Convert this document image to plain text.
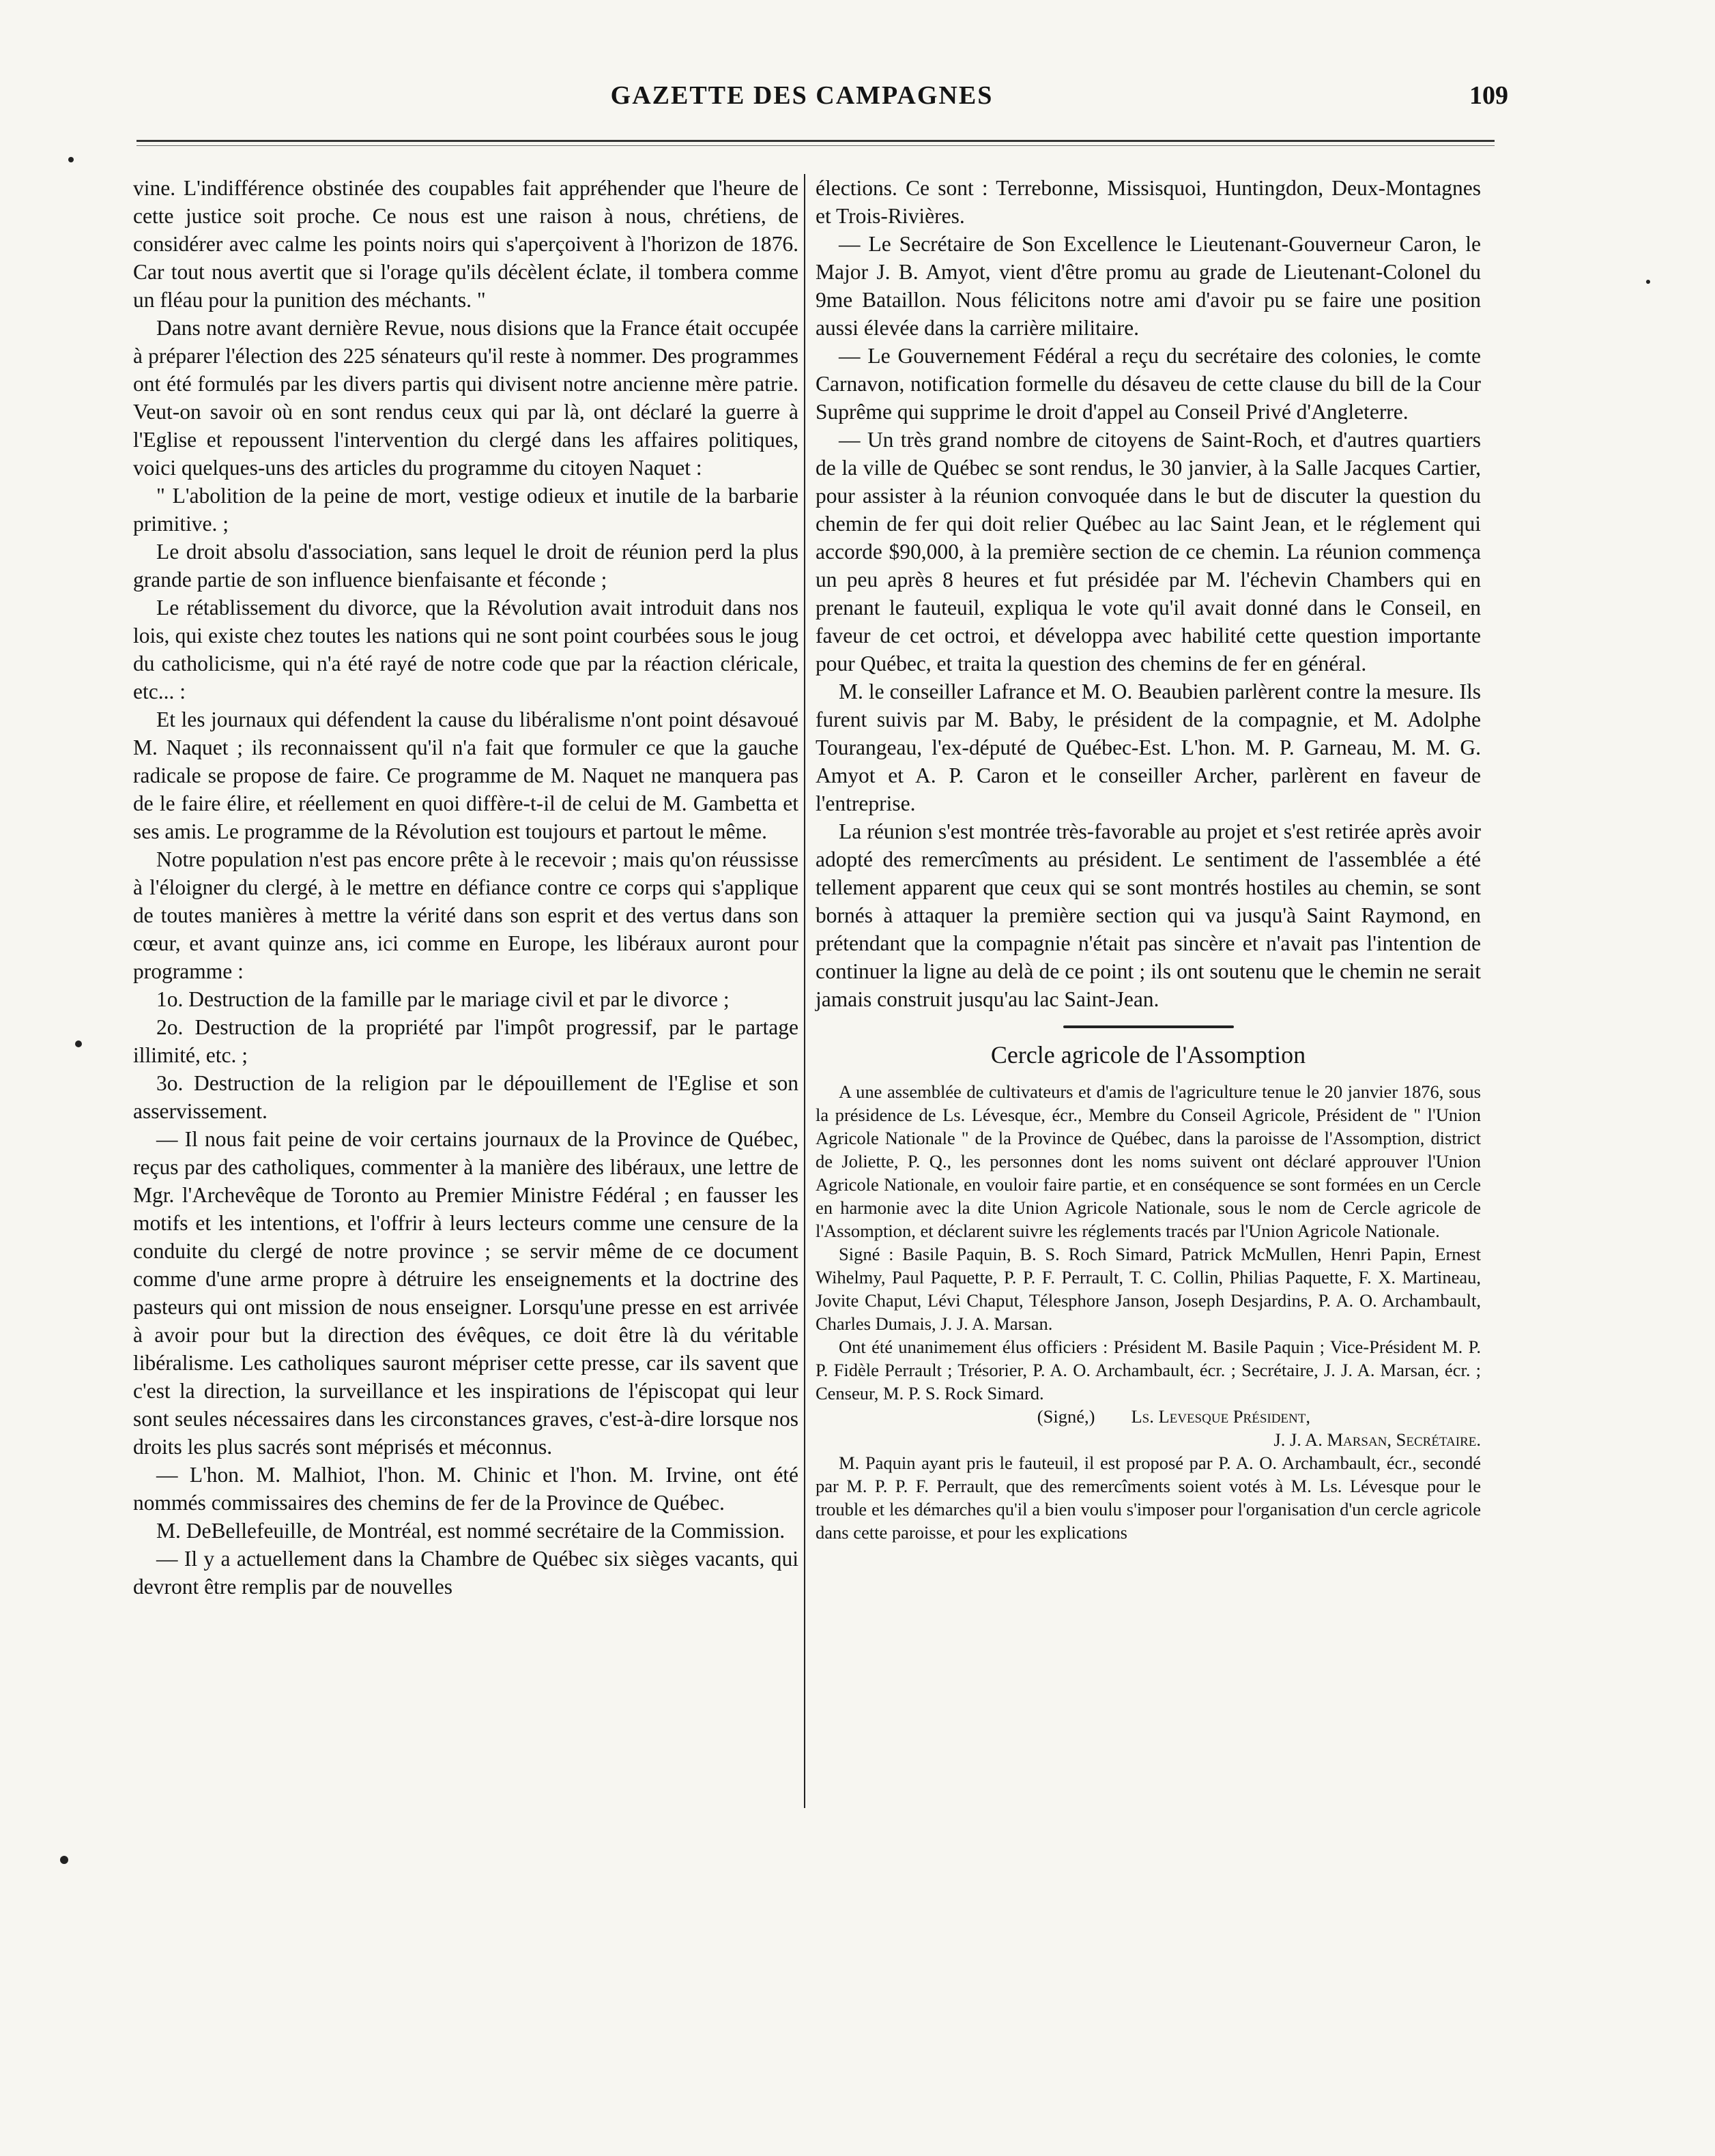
GAZETTE DES CAMPAGNES	109

vine. L'indifférence obstinée des coupables fait appréhender que l'heure de cette justice soit proche. Ce nous est une raison à nous, chrétiens, de considérer avec calme les points noirs qui s'aperçoivent à l'horizon de 1876. Car tout nous avertit que si l'orage qu'ils décèlent éclate, il tombera comme un fléau pour la punition des méchants. "

Dans notre avant dernière Revue, nous disions que la France était occupée à préparer l'élection des 225 sénateurs qu'il reste à nommer. Des programmes ont été formulés par les divers partis qui divisent notre ancienne mère patrie. Veut-on savoir où en sont rendus ceux qui par là, ont déclaré la guerre à l'Eglise et repoussent l'intervention du clergé dans les affaires politiques, voici quelques-uns des articles du programme du citoyen Naquet :

" L'abolition de la peine de mort, vestige odieux et inutile de la barbarie primitive. ;

Le droit absolu d'association, sans lequel le droit de réunion perd la plus grande partie de son influence bienfaisante et féconde ;

Le rétablissement du divorce, que la Révolution avait introduit dans nos lois, qui existe chez toutes les nations qui ne sont point courbées sous le joug du catholicisme, qui n'a été rayé de notre code que par la réaction cléricale, etc... :

Et les journaux qui défendent la cause du libéralisme n'ont point désavoué M. Naquet ; ils reconnaissent qu'il n'a fait que formuler ce que la gauche radicale se propose de faire. Ce programme de M. Naquet ne manquera pas de le faire élire, et réellement en quoi diffère-t-il de celui de M. Gambetta et ses amis. Le programme de la Révolution est toujours et partout le même.

Notre population n'est pas encore prête à le recevoir ; mais qu'on réussisse à l'éloigner du clergé, à le mettre en défiance contre ce corps qui s'applique de toutes manières à mettre la vérité dans son esprit et des vertus dans son cœur, et avant quinze ans, ici comme en Europe, les libéraux auront pour programme :

1o. Destruction de la famille par le mariage civil et par le divorce ;

2o. Destruction de la propriété par l'impôt progressif, par le partage illimité, etc. ;

3o. Destruction de la religion par le dépouillement de l'Eglise et son asservissement.

— Il nous fait peine de voir certains journaux de la Province de Québec, reçus par des catholiques, commenter à la manière des libéraux, une lettre de Mgr. l'Archevêque de Toronto au Premier Ministre Fédéral ; en fausser les motifs et les intentions, et l'offrir à leurs lecteurs comme une censure de la conduite du clergé de notre province ; se servir même de ce document comme d'une arme propre à détruire les enseignements et la doctrine des pasteurs qui ont mission de nous enseigner. Lorsqu'une presse en est arrivée à avoir pour but la direction des évêques, ce doit être là du véritable libéralisme. Les catholiques sauront mépriser cette presse, car ils savent que c'est la direction, la surveillance et les inspirations de l'épiscopat qui leur sont seules nécessaires dans les circonstances graves, c'est-à-dire lorsque nos droits les plus sacrés sont méprisés et méconnus.

— L'hon. M. Malhiot, l'hon. M. Chinic et l'hon. M. Irvine, ont été nommés commissaires des chemins de fer de la Province de Québec.

M. DeBellefeuille, de Montréal, est nommé secrétaire de la Commission.

— Il y a actuellement dans la Chambre de Québec six sièges vacants, qui devront être remplis par de nouvelles

élections. Ce sont : Terrebonne, Missisquoi, Huntingdon, Deux-Montagnes et Trois-Rivières.

— Le Secrétaire de Son Excellence le Lieutenant-Gouverneur Caron, le Major J. B. Amyot, vient d'être promu au grade de Lieutenant-Colonel du 9me Bataillon. Nous félicitons notre ami d'avoir pu se faire une position aussi élevée dans la carrière militaire.

— Le Gouvernement Fédéral a reçu du secrétaire des colonies, le comte Carnavon, notification formelle du désaveu de cette clause du bill de la Cour Suprême qui supprime le droit d'appel au Conseil Privé d'Angleterre.

— Un très grand nombre de citoyens de Saint-Roch, et d'autres quartiers de la ville de Québec se sont rendus, le 30 janvier, à la Salle Jacques Cartier, pour assister à la réunion convoquée dans le but de discuter la question du chemin de fer qui doit relier Québec au lac Saint Jean, et le réglement qui accorde $90,000, à la première section de ce chemin. La réunion commença un peu après 8 heures et fut présidée par M. l'échevin Chambers qui en prenant le fauteuil, expliqua le vote qu'il avait donné dans le Conseil, en faveur de cet octroi, et développa avec habilité cette question importante pour Québec, et traita la question des chemins de fer en général.

M. le conseiller Lafrance et M. O. Beaubien parlèrent contre la mesure. Ils furent suivis par M. Baby, le président de la compagnie, et M. Adolphe Tourangeau, l'ex-député de Québec-Est. L'hon. M. P. Garneau, M. M. G. Amyot et A. P. Caron et le conseiller Archer, parlèrent en faveur de l'entreprise.

La réunion s'est montrée très-favorable au projet et s'est retirée après avoir adopté des remercîments au président. Le sentiment de l'assemblée a été tellement apparent que ceux qui se sont montrés hostiles au chemin, se sont bornés à attaquer la première section qui va jusqu'à Saint Raymond, en prétendant que la compagnie n'était pas sincère et n'avait pas l'intention de continuer la ligne au delà de ce point ; ils ont soutenu que le chemin ne serait jamais construit jusqu'au lac Saint-Jean.

Cercle agricole de l'Assomption

A une assemblée de cultivateurs et d'amis de l'agriculture tenue le 20 janvier 1876, sous la présidence de Ls. Lévesque, écr., Membre du Conseil Agricole, Président de " l'Union Agricole Nationale " de la Province de Québec, dans la paroisse de l'Assomption, district de Joliette, P. Q., les personnes dont les noms suivent ont déclaré approuver l'Union Agricole Nationale, en vouloir faire partie, et en conséquence se sont formées en un Cercle en harmonie avec la dite Union Agricole Nationale, sous le nom de Cercle agricole de l'Assomption, et déclarent suivre les réglements tracés par l'Union Agricole Nationale.

Signé : Basile Paquin, B. S. Roch Simard, Patrick McMullen, Henri Papin, Ernest Wihelmy, Paul Paquette, P. P. F. Perrault, T. C. Collin, Philias Paquette, F. X. Martineau, Jovite Chaput, Lévi Chaput, Télesphore Janson, Joseph Desjardins, P. A. O. Archambault, Charles Dumais, J. J. A. Marsan.

Ont été unanimement élus officiers : Président M. Basile Paquin ; Vice-Président M. P. P. Fidèle Perrault ; Trésorier, P. A. O. Archambault, écr. ; Secrétaire, J. J. A. Marsan, écr. ; Censeur, M. P. S. Rock Simard.

(Signé,) Ls. Levesque Président,

J. J. A. Marsan, Secrétaire.

M. Paquin ayant pris le fauteuil, il est proposé par P. A. O. Archambault, écr., secondé par M. P. P. F. Perrault, que des remercîments soient votés à M. Ls. Lévesque pour le trouble et les démarches qu'il a bien voulu s'imposer pour l'organisation d'un cercle agricole dans cette paroisse, et pour les explications
